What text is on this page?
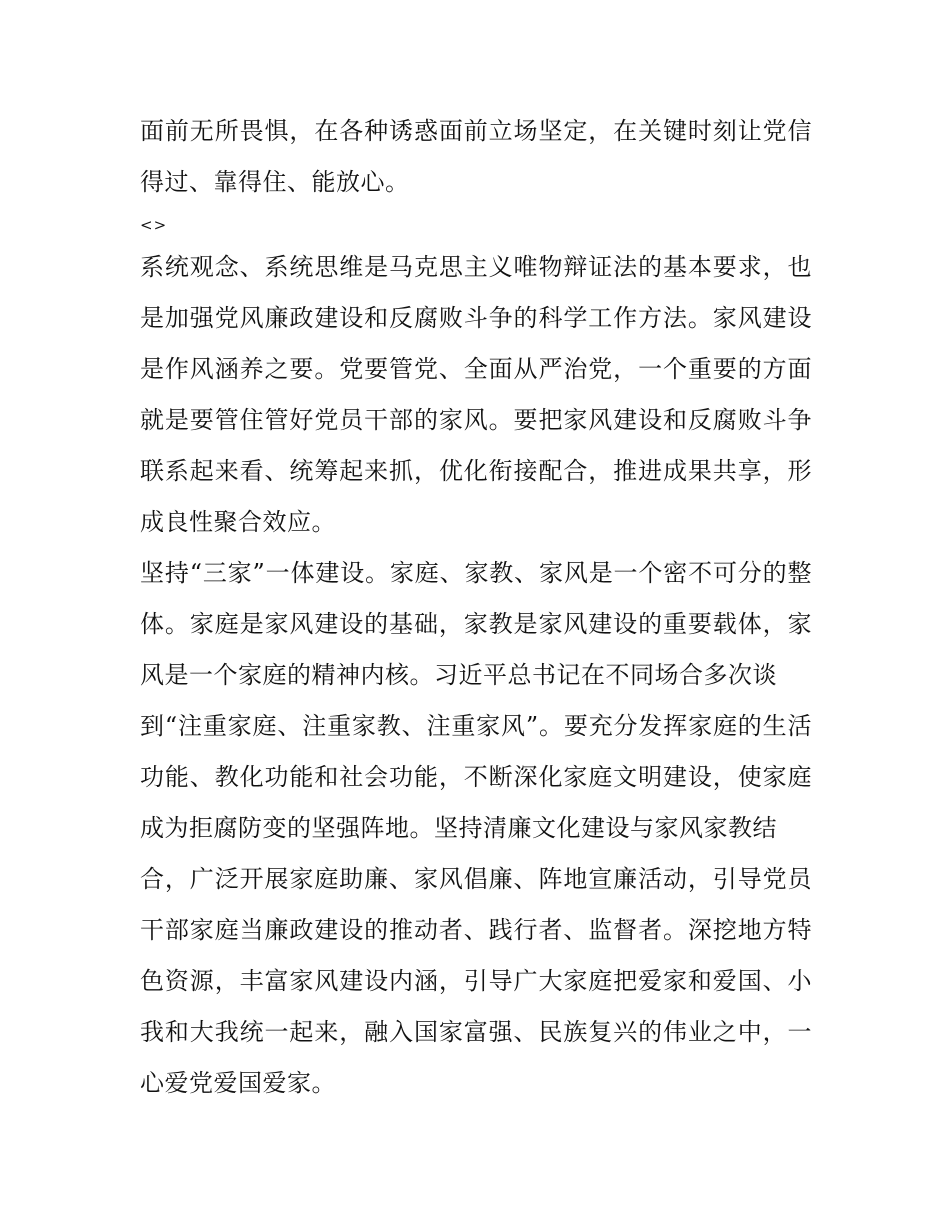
面前无所畏惧，在各种诱惑面前立场坚定，在关键时刻让党信
得过、靠得住、能放心。
<>
系统观念、系统思维是马克思主义唯物辩证法的基本要求，也
是加强党风廉政建设和反腐败斗争的科学工作方法。家风建设
是作风涵养之要。党要管党、全面从严治党，一个重要的方面
就是要管住管好党员干部的家风。要把家风建设和反腐败斗争
联系起来看、统筹起来抓，优化衔接配合，推进成果共享，形
成良性聚合效应。
坚持“三家”一体建设。家庭、家教、家风是一个密不可分的整
体。家庭是家风建设的基础，家教是家风建设的重要载体，家
风是一个家庭的精神内核。习近平总书记在不同场合多次谈
到“注重家庭、注重家教、注重家风”。要充分发挥家庭的生活
功能、教化功能和社会功能，不断深化家庭文明建设，使家庭
成为拒腐防变的坚强阵地。坚持清廉文化建设与家风家教结
合，广泛开展家庭助廉、家风倡廉、阵地宣廉活动，引导党员
干部家庭当廉政建设的推动者、践行者、监督者。深挖地方特
色资源，丰富家风建设内涵，引导广大家庭把爱家和爱国、小
我和大我统一起来，融入国家富强、民族复兴的伟业之中，一
心爱党爱国爱家。
